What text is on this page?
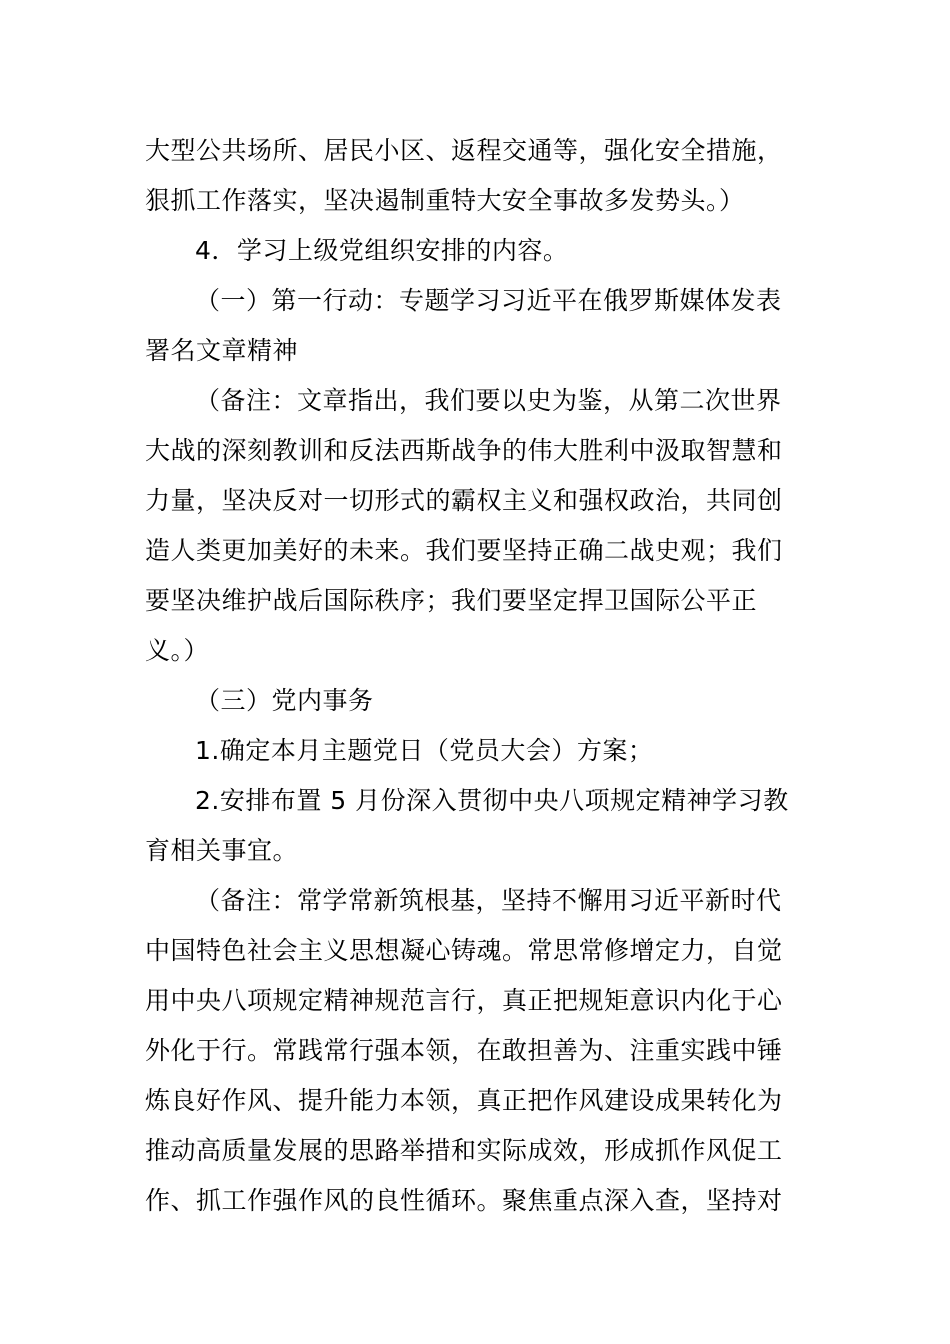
大型公共场所、居民小区、返程交通等，强化安全措施，
狠抓工作落实，坚决遏制重特大安全事故多发势头。）
4．学习上级党组织安排的内容。
（一）第一行动：专题学习习近平在俄罗斯媒体发表
署名文章精神
（备注：文章指出，我们要以史为鉴，从第二次世界
大战的深刻教训和反法西斯战争的伟大胜利中汲取智慧和
力量，坚决反对一切形式的霸权主义和强权政治，共同创
造人类更加美好的未来。我们要坚持正确二战史观；我们
要坚决维护战后国际秩序；我们要坚定捍卫国际公平正
义。）
（三）党内事务
1.确定本月主题党日（党员大会）方案；
2.安排布置 5 月份深入贯彻中央八项规定精神学习教
育相关事宜。
（备注：常学常新筑根基，坚持不懈用习近平新时代
中国特色社会主义思想凝心铸魂。常思常修增定力，自觉
用中央八项规定精神规范言行，真正把规矩意识内化于心
外化于行。常践常行强本领，在敢担善为、注重实践中锤
炼良好作风、提升能力本领，真正把作风建设成果转化为
推动高质量发展的思路举措和实际成效，形成抓作风促工
作、抓工作强作风的良性循环。聚焦重点深入查，坚持对
